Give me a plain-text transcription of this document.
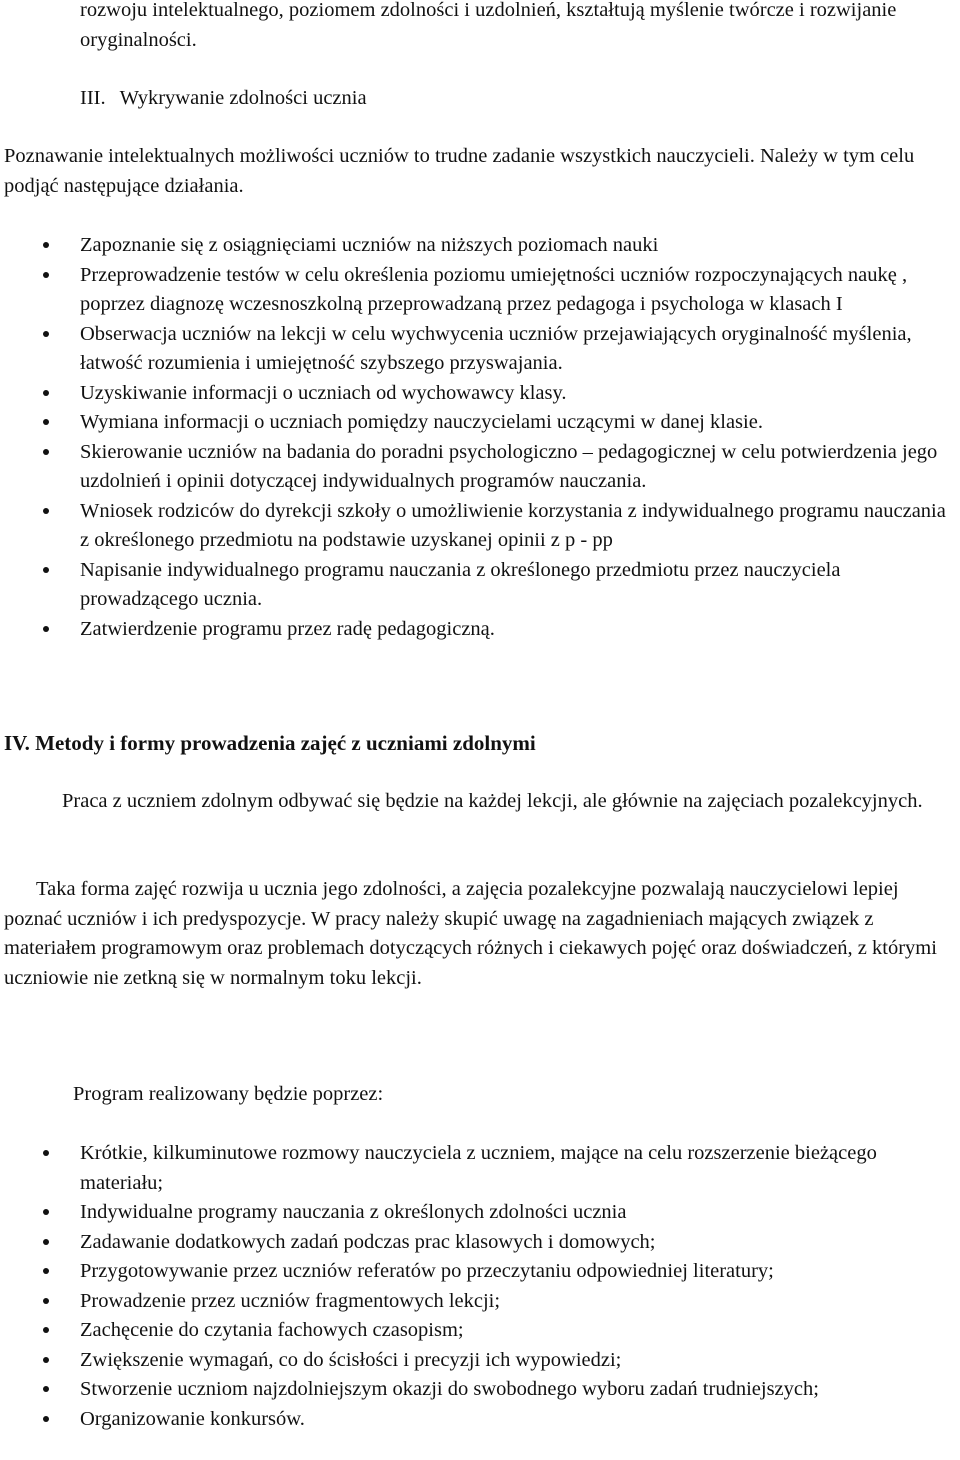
rozwoju intelektualnego, poziomem zdolności i uzdolnień, kształtują myślenie twórcze i rozwijanie oryginalności.

III. Wykrywanie zdolności ucznia

Poznawanie intelektualnych możliwości uczniów to trudne zadanie wszystkich nauczycieli. Należy w tym celu podjąć następujące działania.

Zapoznanie się z osiągnięciami uczniów na niższych poziomach nauki
Przeprowadzenie testów w celu określenia poziomu umiejętności uczniów rozpoczynających naukę , poprzez diagnozę wczesnoszkolną przeprowadzaną przez pedagoga i psychologa w klasach I
Obserwacja uczniów na lekcji w celu wychwycenia uczniów przejawiających oryginalność myślenia, łatwość rozumienia i umiejętność szybszego przyswajania.
Uzyskiwanie informacji o uczniach od wychowawcy klasy.
Wymiana informacji o uczniach pomiędzy nauczycielami uczącymi w danej klasie.
Skierowanie uczniów na badania do poradni psychologiczno – pedagogicznej w celu potwierdzenia jego uzdolnień i opinii dotyczącej indywidualnych programów nauczania.
Wniosek rodziców do dyrekcji szkoły o umożliwienie korzystania z indywidualnego programu nauczania z określonego przedmiotu na podstawie uzyskanej opinii z p - pp
Napisanie indywidualnego programu nauczania z określonego przedmiotu przez nauczyciela prowadzącego ucznia.
Zatwierdzenie programu przez radę pedagogiczną.
IV. Metody i formy prowadzenia zajęć z uczniami zdolnymi

Praca z uczniem zdolnym odbywać się będzie na każdej lekcji, ale głównie na zajęciach pozalekcyjnych.

Taka forma zajęć rozwija u ucznia jego zdolności, a zajęcia pozalekcyjne pozwalają nauczycielowi lepiej poznać uczniów i ich predyspozycje. W pracy należy skupić uwagę na zagadnieniach mających związek z materiałem programowym oraz problemach dotyczących różnych i ciekawych pojęć oraz doświadczeń, z którymi uczniowie nie zetkną się w normalnym toku lekcji.

Program realizowany będzie poprzez:

Krótkie, kilkuminutowe rozmowy nauczyciela z uczniem, mające na celu rozszerzenie bieżącego materiału;
Indywidualne programy nauczania z określonych zdolności ucznia
Zadawanie dodatkowych zadań podczas prac klasowych i domowych;
Przygotowywanie przez uczniów referatów po przeczytaniu odpowiedniej literatury;
Prowadzenie przez uczniów fragmentowych lekcji;
Zachęcenie do czytania fachowych czasopism;
Zwiększenie wymagań, co do ścisłości i precyzji ich wypowiedzi;
Stworzenie uczniom najzdolniejszym okazji do swobodnego wyboru zadań trudniejszych;
Organizowanie konkursów.
